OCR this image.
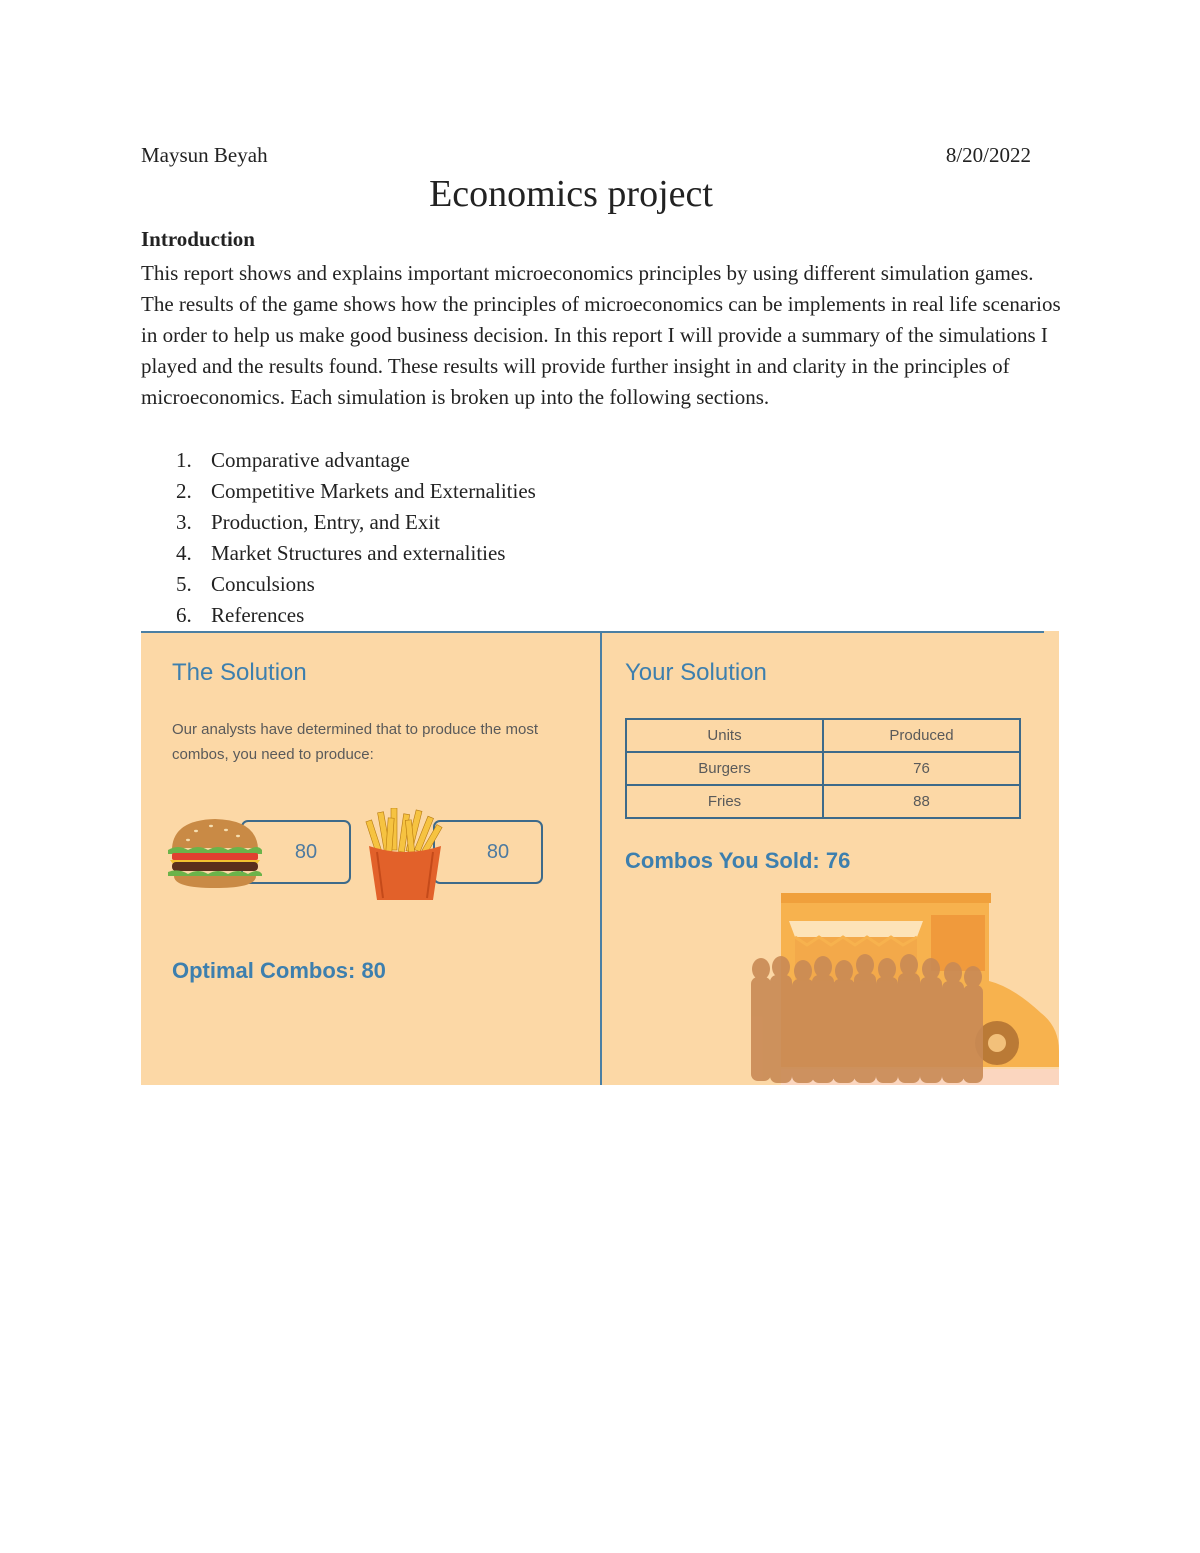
Maysun Beyah	8/20/2022
Economics project
Introduction
This report shows and explains important microeconomics principles by using different simulation games. The results of the game shows how the principles of microeconomics can be implements in real life scenarios in order to help us make good business decision. In this report I will provide a summary of the simulations I played and the results found. These results will provide further insight in and clarity in the principles of microeconomics. Each simulation is broken up into the following sections.
1. Comparative advantage
2. Competitive Markets and Externalities
3. Production, Entry, and Exit
4. Market Structures and externalities
5. Conculsions
6. References
The Solution
Our analysts have determined that to produce the most combos, you need to produce:
80	80
Optimal Combos: 80
Your Solution
Units	Produced
Burgers	76
Fries	88
Combos You Sold: 76
